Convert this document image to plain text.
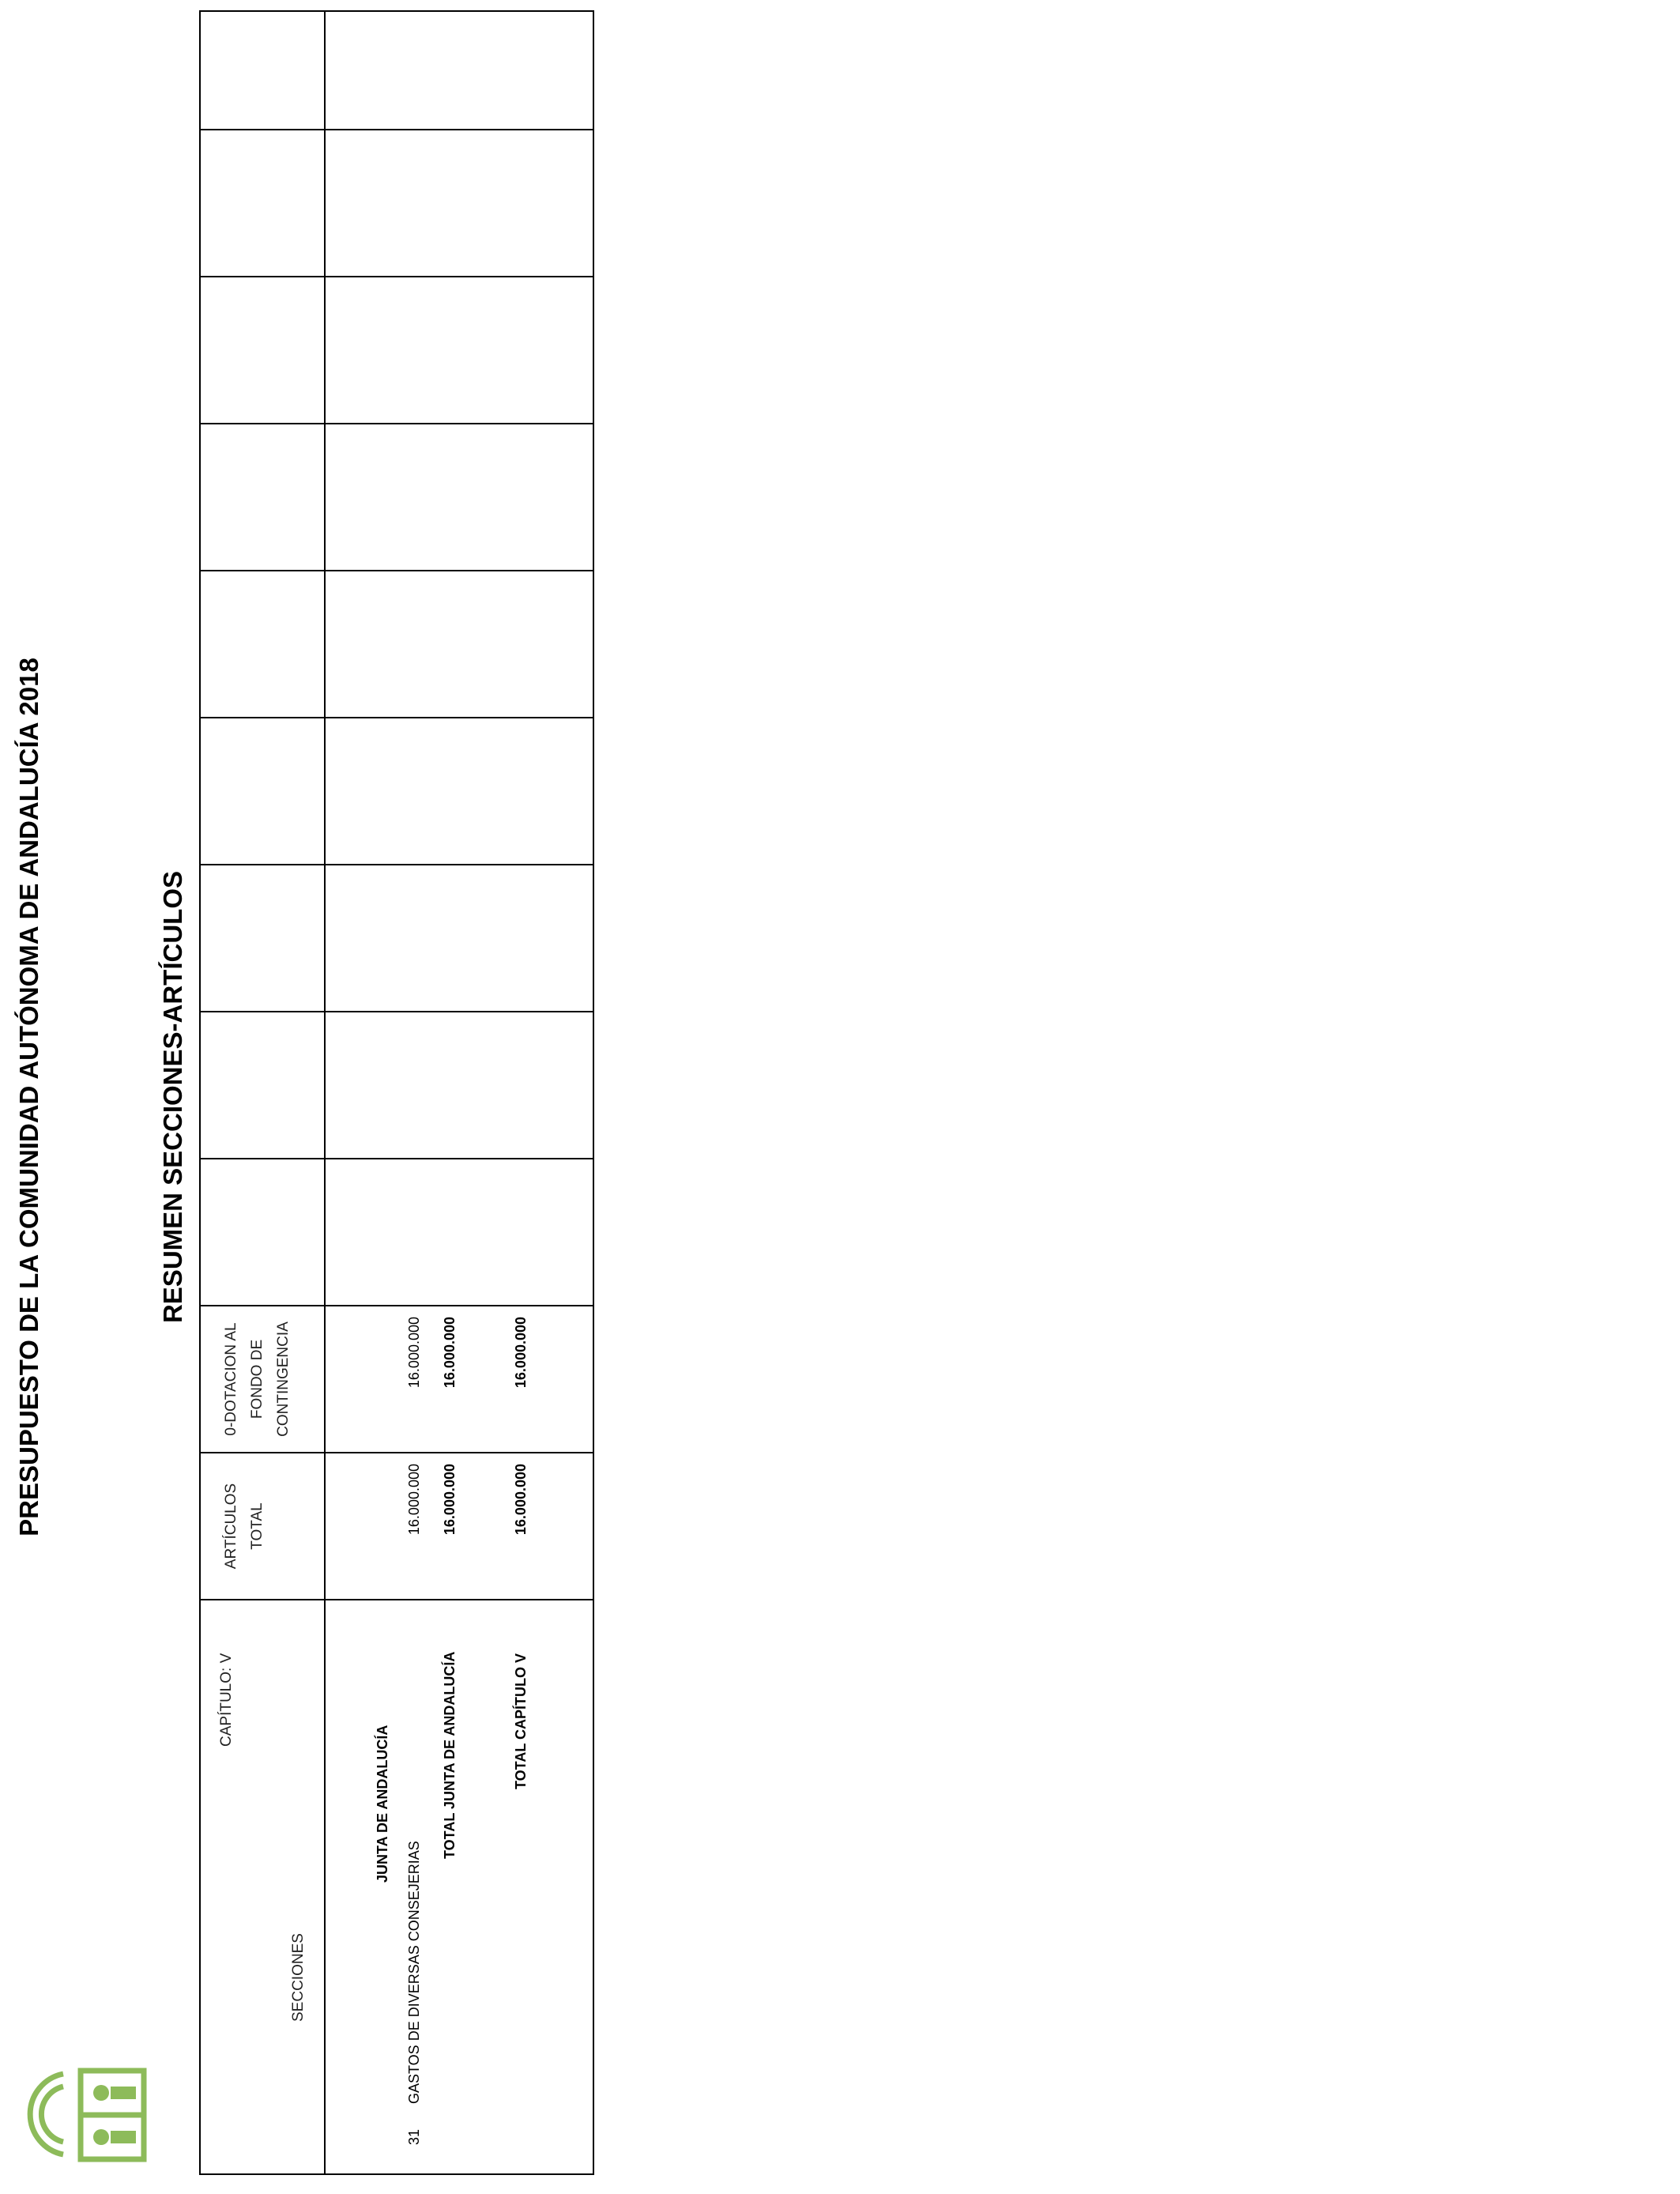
PRESUPUESTO DE LA COMUNIDAD AUTÓNOMA DE ANDALUCÍA 2018	RESUMEN SECCIONES-ARTÍCULOS
CAPÍTULO: V
SECCIONES
ARTÍCULOS TOTAL
0-DOTACION AL FONDO DE CONTINGENCIA
JUNTA DE ANDALUCÍA
31
GASTOS DE DIVERSAS CONSEJERIAS
16.000.000
16.000.000
TOTAL JUNTA DE ANDALUCÍA
16.000.000
16.000.000
TOTAL CAPÍTULO V
16.000.000
16.000.000
